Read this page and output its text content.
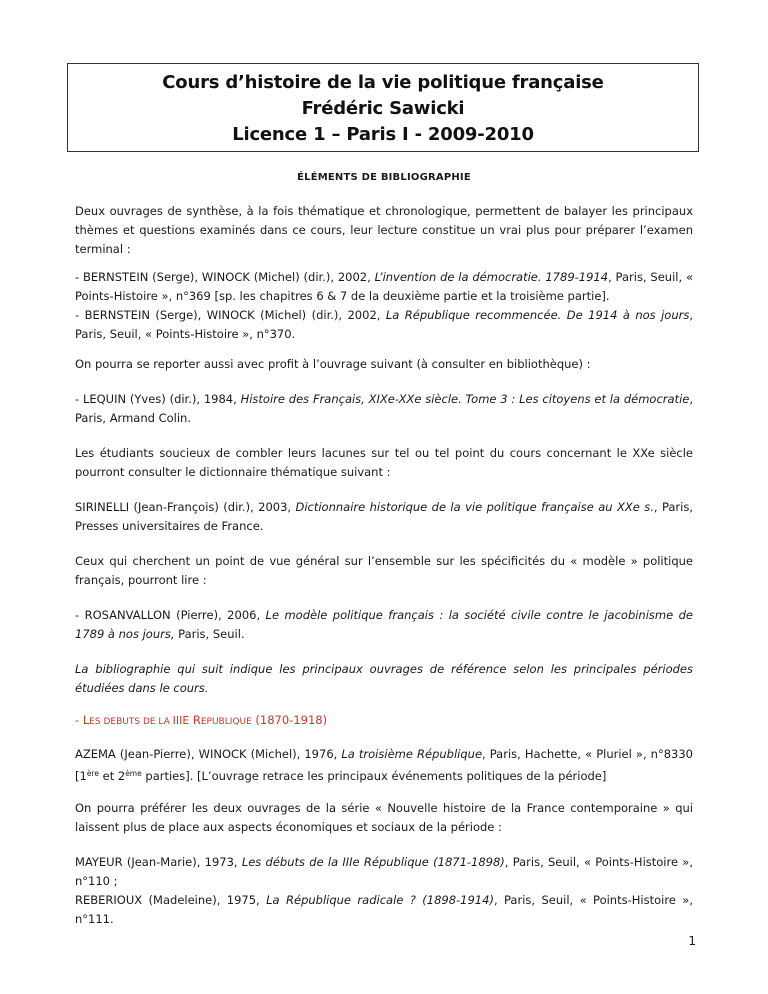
Cours d’histoire de la vie politique française
Frédéric Sawicki
Licence 1 – Paris I - 2009-2010
ÉLÉMENTS DE BIBLIOGRAPHIE

Deux ouvrages de synthèse, à la fois thématique et chronologique, permettent de balayer les principaux thèmes et questions examinés dans ce cours, leur lecture constitue un vrai plus pour préparer l’examen terminal :

- BERNSTEIN (Serge), WINOCK (Michel) (dir.), 2002, L’invention de la démocratie. 1789-1914, Paris, Seuil, « Points-Histoire », n°369 [sp. les chapitres 6 & 7 de la deuxième partie et la troisième partie].
- BERNSTEIN (Serge), WINOCK (Michel) (dir.), 2002, La République recommencée. De 1914 à nos jours, Paris, Seuil, « Points-Histoire », n°370.

On pourra se reporter aussi avec profit à l’ouvrage suivant (à consulter en bibliothèque) :

- LEQUIN (Yves) (dir.), 1984, Histoire des Français, XIXe-XXe siècle. Tome 3 : Les citoyens et la démocratie, Paris, Armand Colin.

Les étudiants soucieux de combler leurs lacunes sur tel ou tel point du cours concernant le XXe siècle pourront consulter le dictionnaire thématique suivant :

SIRINELLI (Jean-François) (dir.), 2003, Dictionnaire historique de la vie politique française au XXe s., Paris, Presses universitaires de France.

Ceux qui cherchent un point de vue général sur l’ensemble sur les spécificités du « modèle » politique français, pourront lire :

- ROSANVALLON (Pierre), 2006, Le modèle politique français : la société civile contre le jacobinisme de 1789 à nos jours, Paris, Seuil.

La bibliographie qui suit indique les principaux ouvrages de référence selon les principales périodes étudiées dans le cours.

- LES DEBUTS DE LA IIIE REPUBLIQUE (1870-1918)

AZEMA (Jean-Pierre), WINOCK (Michel), 1976, La troisième République, Paris, Hachette, « Pluriel », n°8330 [1ère et 2ème parties]. [L’ouvrage retrace les principaux événements politiques de la période]

On pourra préférer les deux ouvrages de la série « Nouvelle histoire de la France contemporaine » qui laissent plus de place aux aspects économiques et sociaux de la période :

MAYEUR (Jean-Marie), 1973, Les débuts de la IIIe République (1871-1898), Paris, Seuil, « Points-Histoire », n°110 ;
REBERIOUX (Madeleine), 1975, La République radicale ? (1898-1914), Paris, Seuil, « Points-Histoire », n°111.

1
